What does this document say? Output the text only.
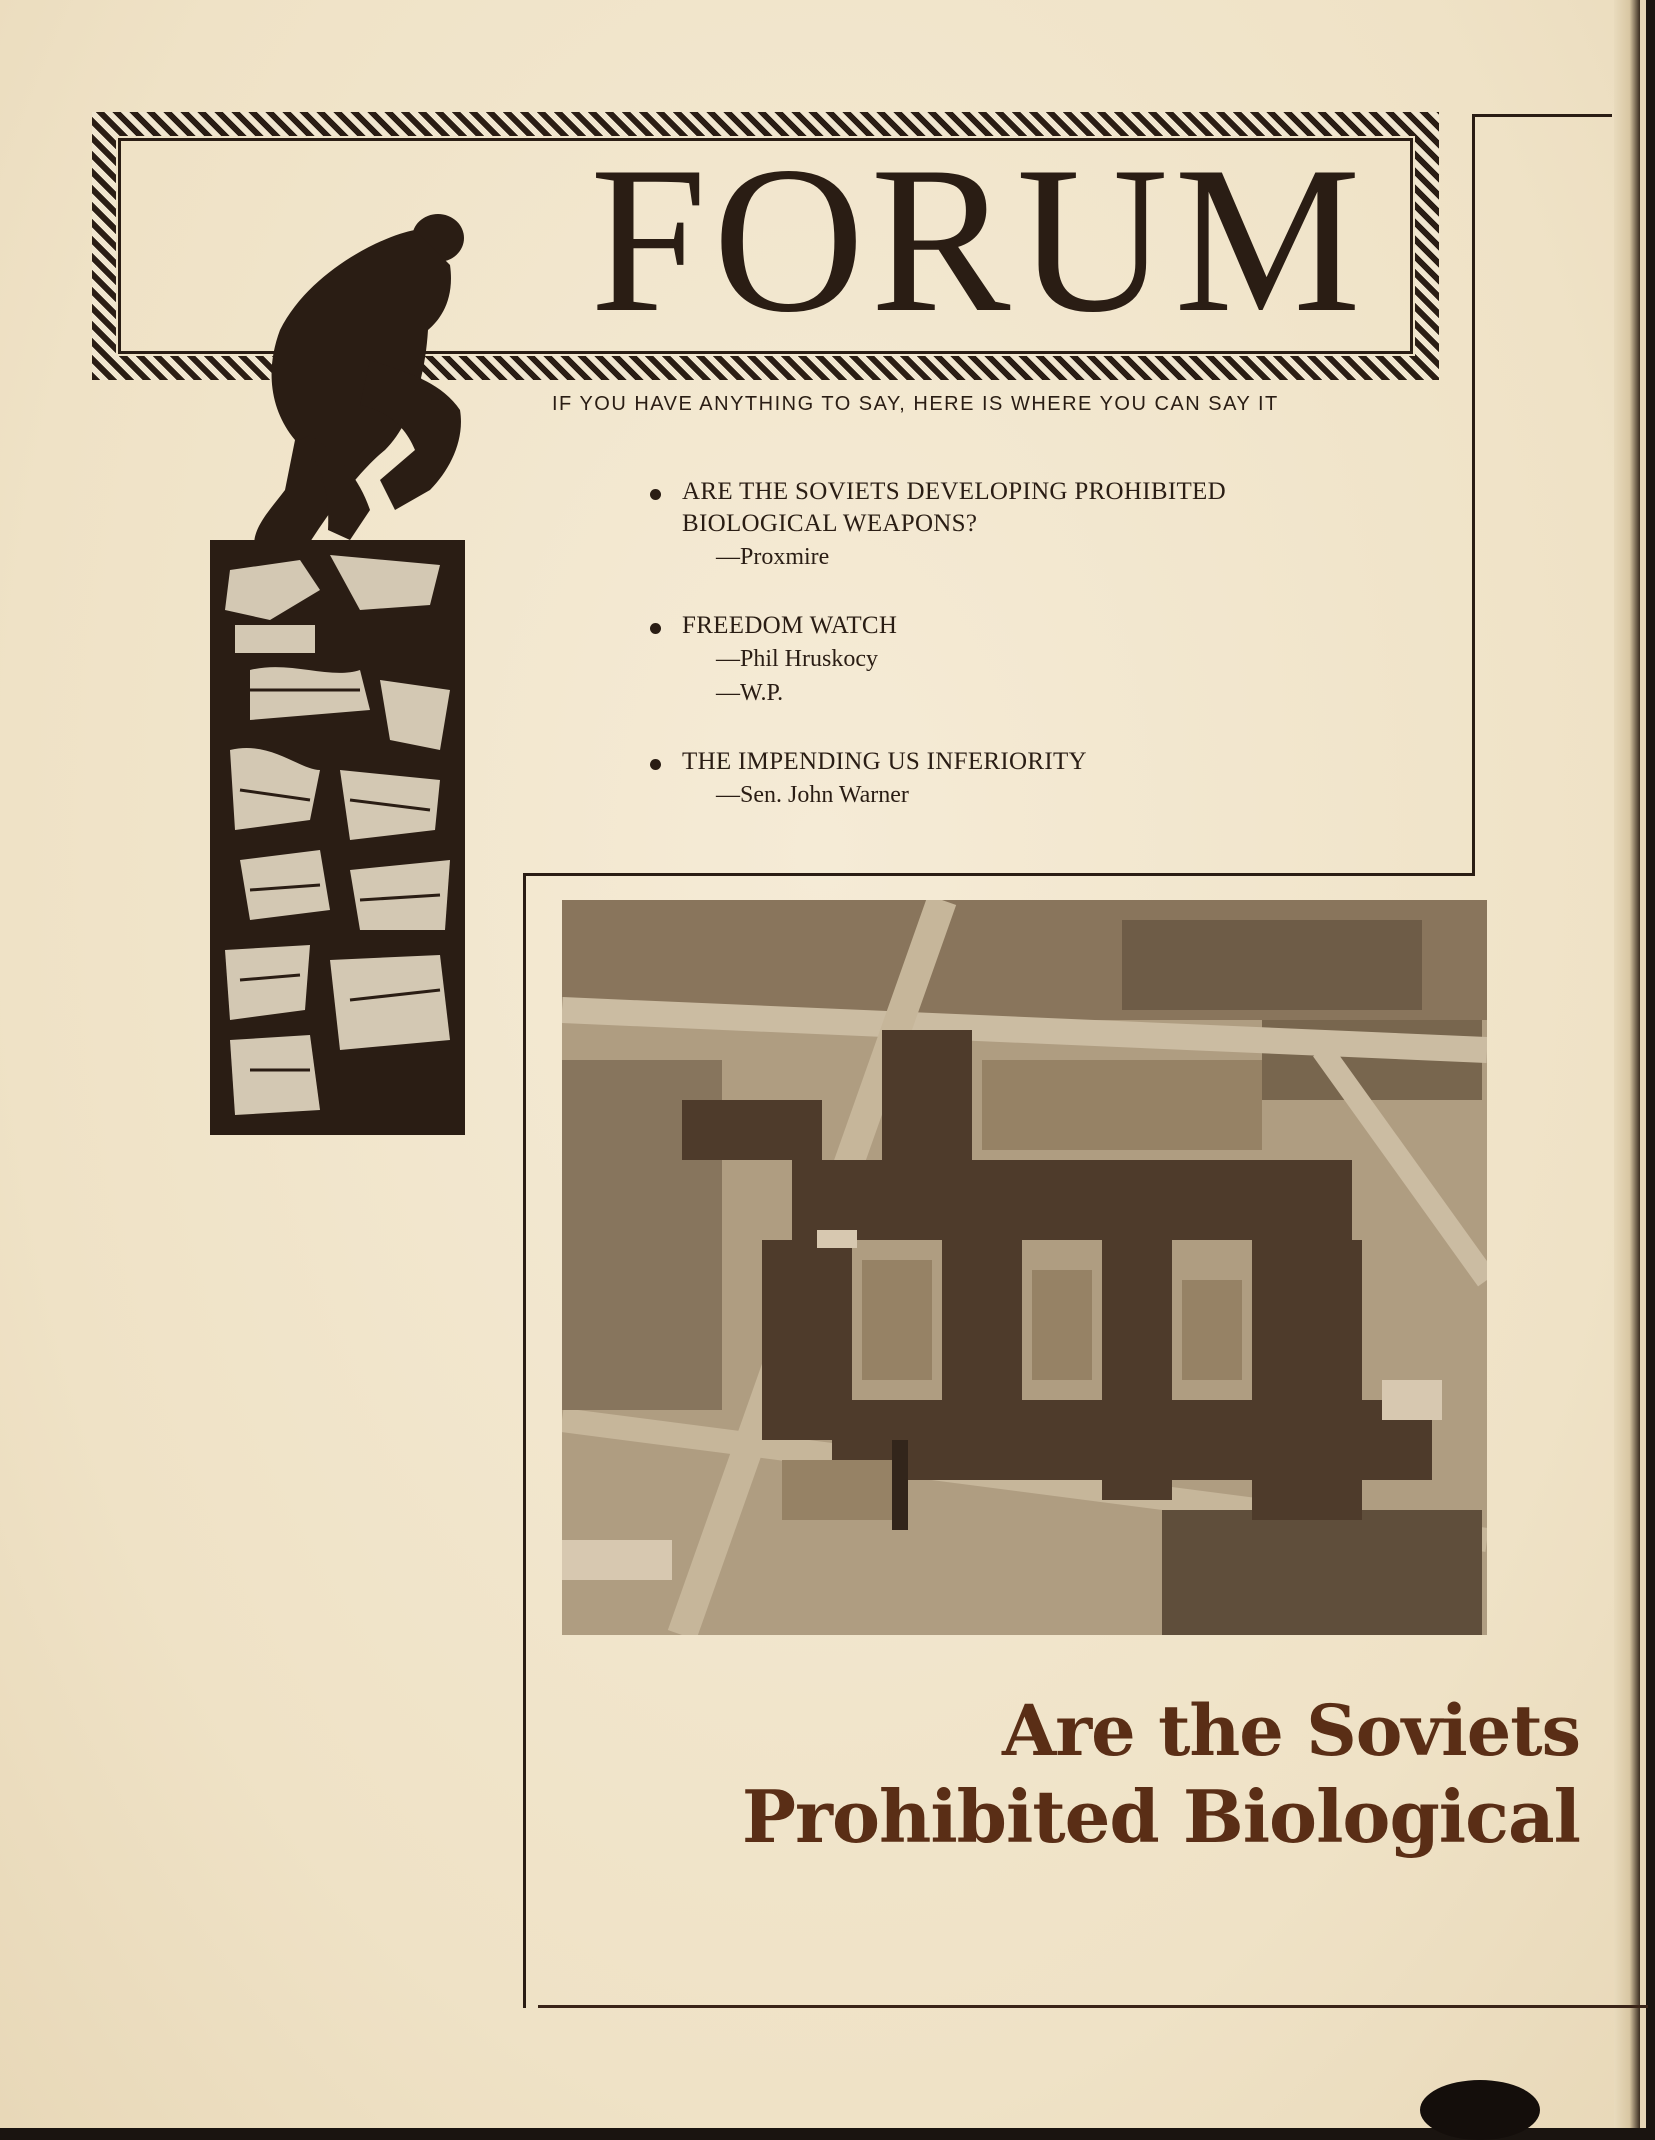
FORUM
IF YOU HAVE ANYTHING TO SAY, HERE IS WHERE YOU CAN SAY IT
ARE THE SOVIETS DEVELOPING PROHIBITED
BIOLOGICAL WEAPONS?
—Proxmire
FREEDOM WATCH
—Phil Hruskocy
—W.P.
THE IMPENDING US INFERIORITY
—Sen. John Warner
Are the Soviets
Prohibited Biological
